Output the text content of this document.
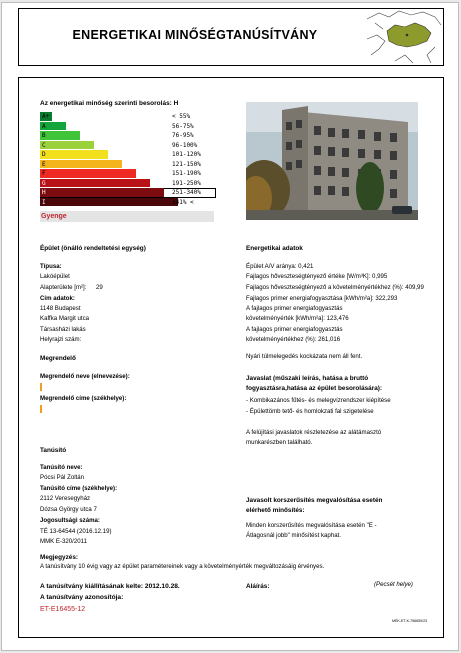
ENERGETIKAI MINŐSÉGTANÚSÍTVÁNY
Az energetikai minőség szerinti besorolás: H
Gyenge
Épület (önálló rendeltetési egység)
Típusa:
Lakóépület
Alapterülete [m²]: 29
Cím adatok:
1148 Budapest
Kaffka Margit utca
Társasházi lakás
Helyrajzi szám:
Energetikai adatok
Épület A/V aránya: 0,421
Fajlagos hőveszteségtényező értéke [W/m³K]: 0,995
Fajlagos hőveszteségtényező a követelményértékhez (%): 409,99
Fajlagos primer energiafogyasztása [kWh/m²a]: 322,293
A fajlagos primer energiafogyasztás
követelményérték [kWh/m²a]: 123,476
A fajlagos primer energiafogyasztás
követelményértékhez (%): 261,016
Nyári túlmelegedés kockázata nem áll fent.
Megrendelő
Megrendelő neve (elnevezése):
Megrendelő címe (székhelye):
Javaslat (műszaki leírás, hatása a bruttó
fogyasztásra,hatása az épület besorolására):
- Kombikazános fűtés- és melegvízrendszer kiépítése
- Épülettömb tető- és homlokzati fal szigetelése
A felújítási javaslatok részletezése az alátámasztó
munkarészben található.
Tanúsító
Tanúsító neve:
Pócsi Pál Zoltán
Tanúsító címe (székhelye):
2112 Veresegyház
Dózsa György utca 7
Jogosultsági száma:
TÉ 13-64544 (2016.12.19)
MMK E-320/2011
Javasolt korszerűsítés megvalósítása esetén
elérhető minősítés:
Minden korszerűsítés megvalósítása esetén "E -
Átlagosnál jobb" minősítést kaphat.
Megjegyzés:
A tanúsítvány 10 évig vagy az épület paramétereinek vagy a követelményérték megváltozásáig érvényes.
A tanúsítvány kiállításának kelte: 2012.10.28.	Aláírás:	(Pecsét helye)
A tanúsítvány azonosítója:
ET-E16455-12
MÉK-ET-K-756650/23
A+	< 55%
A	56-75%
B	76-95%
C	96-100%
D	101-120%
E	121-150%
F	151-190%
G	191-250%
H	251-340%
I	341% <
